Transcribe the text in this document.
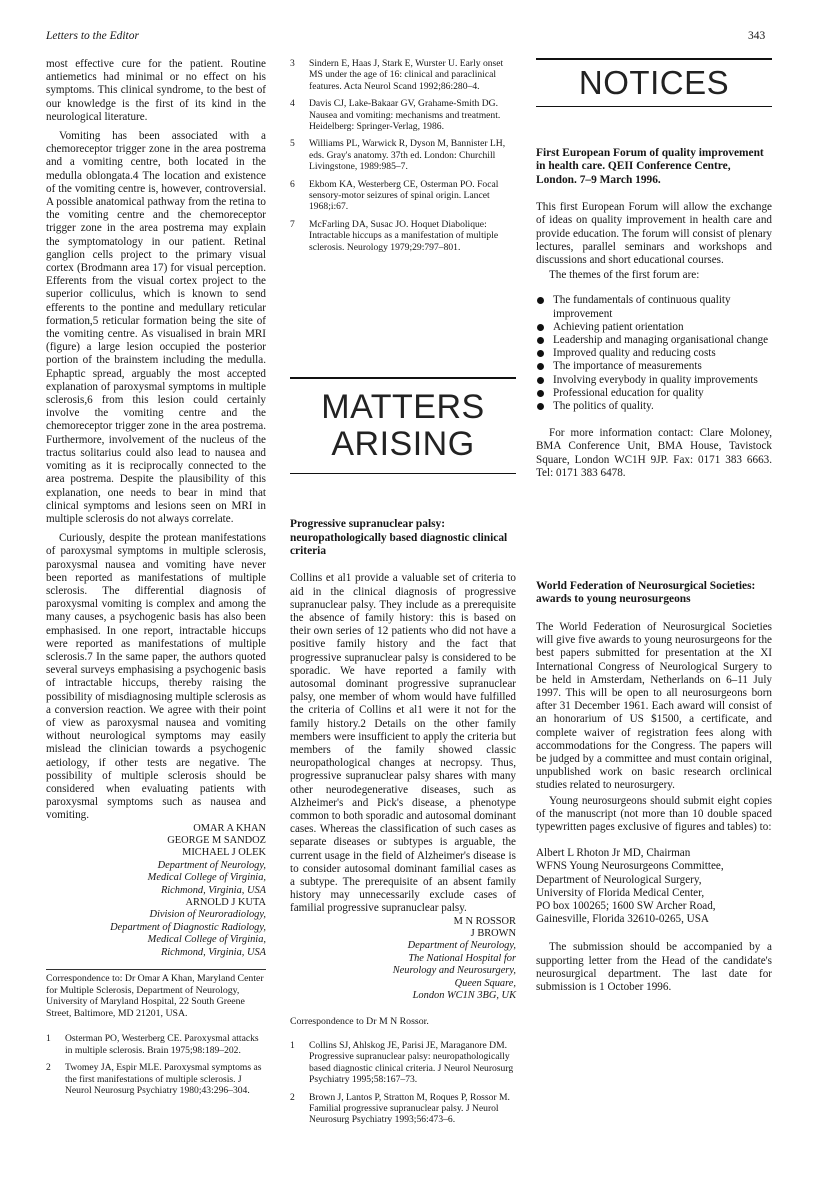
Letters to the Editor	343

most effective cure for the patient. Routine antiemetics had minimal or no effect on his symptoms. This clinical syndrome, to the best of our knowledge is the first of its kind in the neurological literature.

Vomiting has been associated with a chemoreceptor trigger zone in the area postrema and a vomiting centre, both located in the medulla oblongata.4 The location and existence of the vomiting centre is, however, controversial. A possible anatomical pathway from the retina to the vomiting centre and the chemoreceptor trigger zone in the area postrema may explain the symptomatology in our patient. Retinal ganglion cells project to the primary visual cortex (Brodmann area 17) for visual perception. Efferents from the visual cortex project to the superior colliculus, which is known to send efferents to the pontine and medullary reticular formation,5 reticular formation being the site of the vomiting centre. As visualised in brain MRI (figure) a large lesion occupied the posterior portion of the brainstem including the medulla. Ephaptic spread, arguably the most accepted explanation of paroxysmal symptoms in multiple sclerosis,6 from this lesion could certainly involve the vomiting centre and the chemoreceptor trigger zone in the area postrema. Furthermore, involvement of the nucleus of the tractus solitarius could also lead to nausea and vomiting as it is reciprocally connected to the area postrema. Despite the plausibility of this explanation, one needs to bear in mind that clinical symptoms and lesions seen on MRI in multiple sclerosis do not always correlate.

Curiously, despite the protean manifestations of paroxysmal symptoms in multiple sclerosis, paroxysmal nausea and vomiting have never been reported as manifestations of multiple sclerosis. The differential diagnosis of paroxysmal vomiting is complex and among the many causes, a psychogenic basis has also been emphasised. In one report, intractable hiccups were reported as manifestations of multiple sclerosis.7 In the same paper, the authors quoted several surveys emphasising a psychogenic basis of intractable hiccups, thereby raising the possibility of misdiagnosing multiple sclerosis as a conversion reaction. We agree with their point of view as paroxysmal nausea and vomiting without neurological symptoms may easily mislead the clinician towards a psychogenic aetiology, if other tests are negative. The possibility of multiple sclerosis should be considered when evaluating patients with paroxysmal symptoms such as nausea and vomiting.

OMAR A KHAN
GEORGE M SANDOZ
MICHAEL J OLEK
Department of Neurology,
Medical College of Virginia,
Richmond, Virginia, USA
ARNOLD J KUTA
Division of Neuroradiology,
Department of Diagnostic Radiology,
Medical College of Virginia,
Richmond, Virginia, USA

Correspondence to: Dr Omar A Khan, Maryland Center for Multiple Sclerosis, Department of Neurology, University of Maryland Hospital, 22 South Greene Street, Baltimore, MD 21201, USA.

1 Osterman PO, Westerberg CE. Paroxysmal attacks in multiple sclerosis. Brain 1975;98:189–202.
2 Twomey JA, Espir MLE. Paroxysmal symptoms as the first manifestations of multiple sclerosis. J Neurol Neurosurg Psychiatry 1980;43:296–304.
3 Sindern E, Haas J, Stark E, Wurster U. Early onset MS under the age of 16: clinical and paraclinical features. Acta Neurol Scand 1992;86:280–4.
4 Davis CJ, Lake-Bakaar GV, Grahame-Smith DG. Nausea and vomiting: mechanisms and treatment. Heidelberg: Springer-Verlag, 1986.
5 Williams PL, Warwick R, Dyson M, Bannister LH, eds. Gray's anatomy. 37th ed. London: Churchill Livingstone, 1989:985–7.
6 Ekbom KA, Westerberg CE, Osterman PO. Focal sensory-motor seizures of spinal origin. Lancet 1968;i:67.
7 McFarling DA, Susac JO. Hoquet Diabolique: Intractable hiccups as a manifestation of multiple sclerosis. Neurology 1979;29:797–801.
MATTERS
ARISING

Progressive supranuclear palsy: neuropathologically based diagnostic clinical criteria

Collins et al1 provide a valuable set of criteria to aid in the clinical diagnosis of progressive supranuclear palsy. They include as a prerequisite the absence of family history: this is based on their own series of 12 patients who did not have a positive family history and the fact that progressive supranuclear palsy is considered to be sporadic. We have reported a family with autosomal dominant progressive supranuclear palsy, one member of whom would have fulfilled the criteria of Collins et al1 were it not for the family history.2 Details on the other family members were insufficient to apply the criteria but members of the family showed classic neuropathological changes at necropsy. Thus, progressive supranuclear palsy shares with many other neurodegenerative diseases, such as Alzheimer's and Pick's disease, a phenotype common to both sporadic and autosomal dominant cases. Whereas the classification of such cases as separate diseases or subtypes is arguable, the current usage in the field of Alzheimer's disease is to consider autosomal dominant familial cases as a subtype. The prerequisite of an absent family history may unnecessarily exclude cases of familial progressive supranuclear palsy.

M N ROSSOR
J BROWN
Department of Neurology,
The National Hospital for
Neurology and Neurosurgery,
Queen Square,
London WC1N 3BG, UK

Correspondence to Dr M N Rossor.

1 Collins SJ, Ahlskog JE, Parisi JE, Maraganore DM. Progressive supranuclear palsy: neuropathologically based diagnostic clinical criteria. J Neurol Neurosurg Psychiatry 1995;58:167–73.
2 Brown J, Lantos P, Stratton M, Roques P, Rossor M. Familial progressive supranuclear palsy. J Neurol Neurosurg Psychiatry 1993;56:473–6.
NOTICES

First European Forum of quality improvement in health care. QEII Conference Centre, London. 7–9 March 1996.

This first European Forum will allow the exchange of ideas on quality improvement in health care and provide education. The forum will consist of plenary lectures, parallel seminars and workshops and discussions and short educational courses.

The themes of the first forum are:

The fundamentals of continuous quality improvement
Achieving patient orientation
Leadership and managing organisational change
Improved quality and reducing costs
The importance of measurements
Involving everybody in quality improvements
Professional education for quality
The politics of quality.

For more information contact: Clare Moloney, BMA Conference Unit, BMA House, Tavistock Square, London WC1H 9JP. Fax: 0171 383 6663. Tel: 0171 383 6478.

World Federation of Neurosurgical Societies: awards to young neurosurgeons

The World Federation of Neurosurgical Societies will give five awards to young neurosurgeons for the best papers submitted for presentation at the XI International Congress of Neurological Surgery to be held in Amsterdam, Netherlands on 6–11 July 1997. This will be open to all neurosurgeons born after 31 December 1961. Each award will consist of an honorarium of US $1500, a certificate, and complete waiver of registration fees along with accommodations for the Congress. The papers will be judged by a committee and must contain original, unpublished work on basic research orclinical studies related to neurosurgery.

Young neurosurgeons should submit eight copies of the manuscript (not more than 10 double spaced typewritten pages exclusive of figures and tables) to:

Albert L Rhoton Jr MD, Chairman
WFNS Young Neurosurgeons Committee,
Department of Neurological Surgery,
University of Florida Medical Center,
PO box 100265; 1600 SW Archer Road,
Gainesville, Florida 32610-0265, USA

The submission should be accompanied by a supporting letter from the Head of the candidate's neurosurgical department. The last date for submission is 1 October 1996.
